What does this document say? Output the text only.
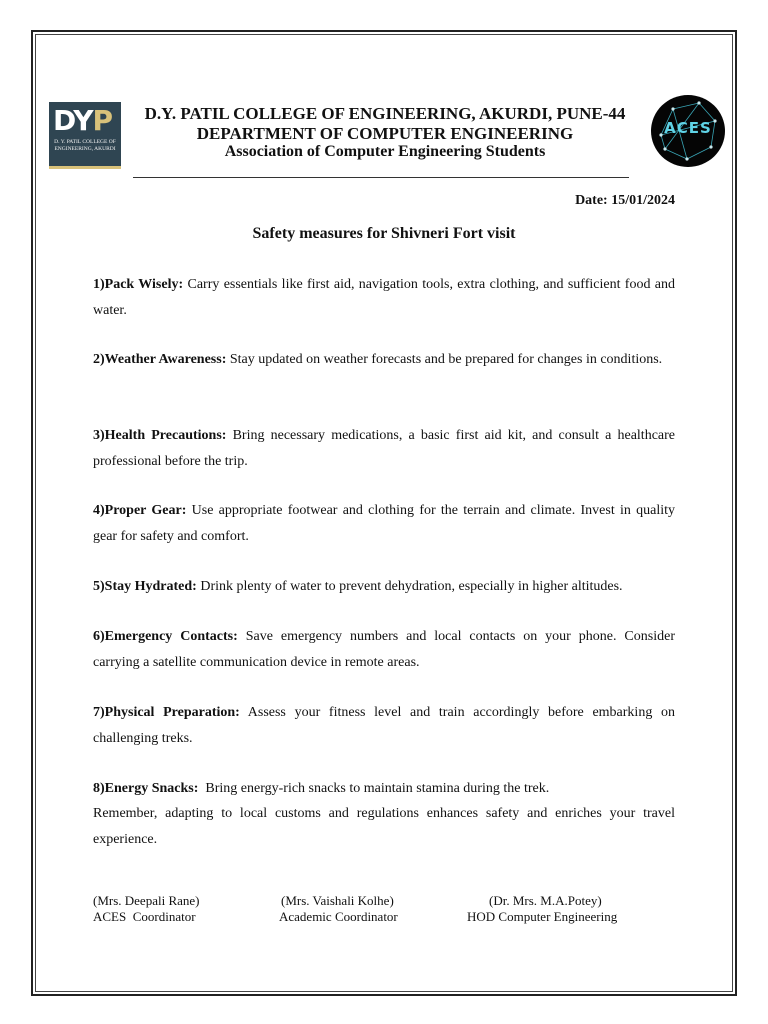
DYP
D. Y. PATIL COLLEGE OF ENGINEERING, AKURDI
D.Y. PATIL COLLEGE OF ENGINEERING, AKURDI, PUNE-44
DEPARTMENT OF COMPUTER ENGINEERING
Association of Computer Engineering Students
ACES
Date: 15/01/2024
Safety measures for Shivneri Fort visit
1)Pack Wisely: Carry essentials like first aid, navigation tools, extra clothing, and sufficient food and water.
2)Weather Awareness: Stay updated on weather forecasts and be prepared for changes in conditions.
3)Health Precautions: Bring necessary medications, a basic first aid kit, and consult a healthcare professional before the trip.
4)Proper Gear: Use appropriate footwear and clothing for the terrain and climate. Invest in quality gear for safety and comfort.
5)Stay Hydrated: Drink plenty of water to prevent dehydration, especially in higher altitudes.
6)Emergency Contacts: Save emergency numbers and local contacts on your phone. Consider carrying a satellite communication device in remote areas.
7)Physical Preparation: Assess your fitness level and train accordingly before embarking on challenging treks.
8)Energy Snacks:  Bring energy-rich snacks to maintain stamina during the trek.
Remember, adapting to local customs and regulations enhances safety and enriches your travel experience.
(Mrs. Deepali Rane)
ACES  Coordinator
(Mrs. Vaishali Kolhe)
Academic Coordinator
(Dr. Mrs. M.A.Potey)
HOD Computer Engineering
